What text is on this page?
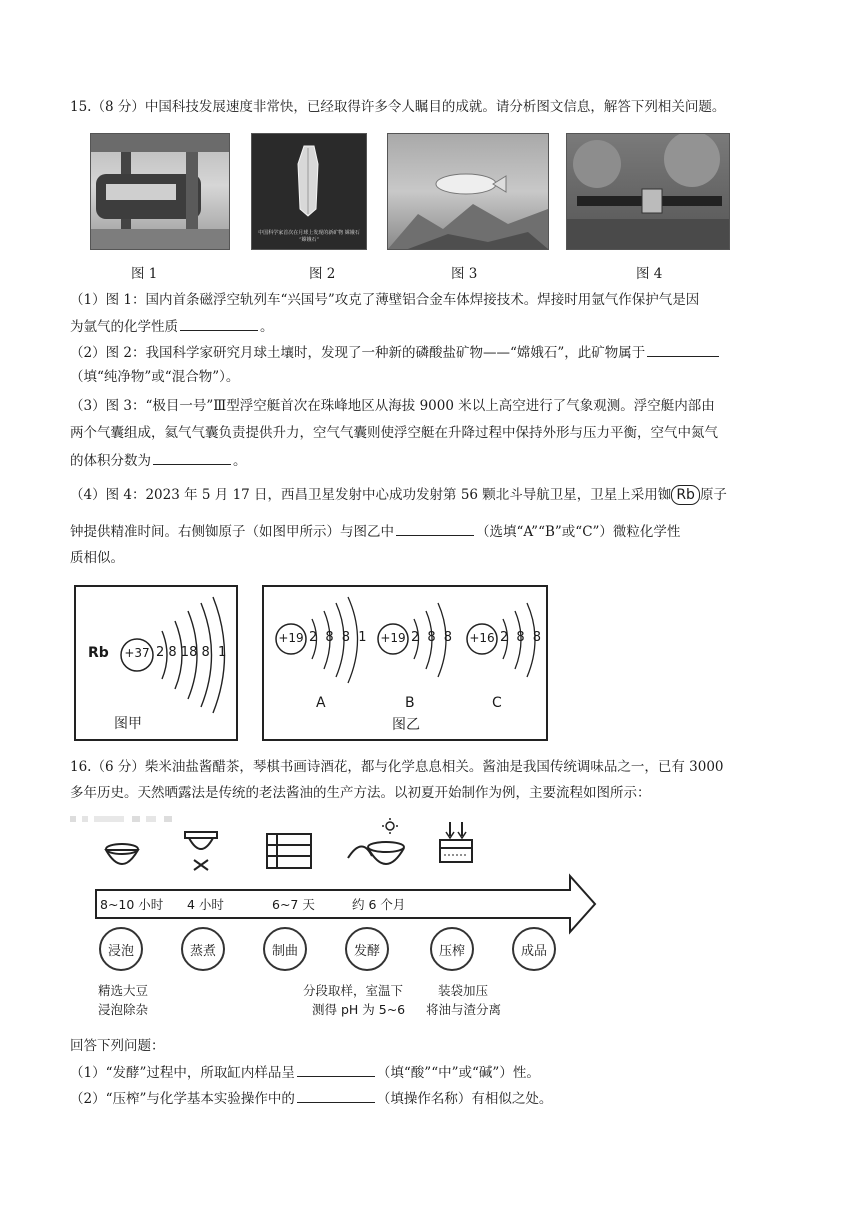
15.（8 分）中国科技发展速度非常快，已经取得许多令人瞩目的成就。请分析图文信息，解答下列相关问题。
中国科学家首次在月球上发现的新矿物 嫦娥石 “嫦娥石”
图 1	图 2	图 3	图 4
（1）图 1：国内首条磁浮空轨列车“兴国号”攻克了薄壁铝合金车体焊接技术。焊接时用氩气作保护气是因
为氩气的化学性质	。
（2）图 2：我国科学家研究月球土壤时，发现了一种新的磷酸盐矿物——“嫦娥石”，此矿物属于
（填“纯净物”或“混合物”）。
（3）图 3：“极目一号”Ⅲ型浮空艇首次在珠峰地区从海拔 9000 米以上高空进行了气象观测。浮空艇内部由
两个气囊组成，氦气气囊负责提供升力，空气气囊则使浮空艇在升降过程中保持外形与压力平衡，空气中氮气
的体积分数为	。
（4）图 4：2023 年 5 月 17 日，西昌卫星发射中心成功发射第 56 颗北斗导航卫星，卫星上采用铷 Rb 原子
钟提供精准时间。右侧铷原子（如图甲所示）与图乙中	（选填“A”“B”或“C”）微粒化学性
质相似。
Rb +37 2 8 18 8  1
图甲
+19 2 8 8 1 +19 2 8 8 +16 2 8 8
A	B	C
图乙
16.（6 分）柴米油盐酱醋茶，琴棋书画诗酒花，都与化学息息相关。酱油是我国传统调味品之一，已有 3000
多年历史。天然晒露法是传统的老法酱油的生产方法。以初夏开始制作为例，主要流程如图所示：
8~10 小时 4 小时	6~7 天	约 6 个月
浸泡	蒸煮	制曲	发酵	压榨	成品
精选大豆
浸泡除杂
分段取样，室温下
测得 pH 为 5~6
装袋加压
将油与渣分离
回答下列问题：
（1）“发酵”过程中，所取缸内样品呈	（填“酸”“中”或“碱”）性。
（2）“压榨”与化学基本实验操作中的	（填操作名称）有相似之处。
